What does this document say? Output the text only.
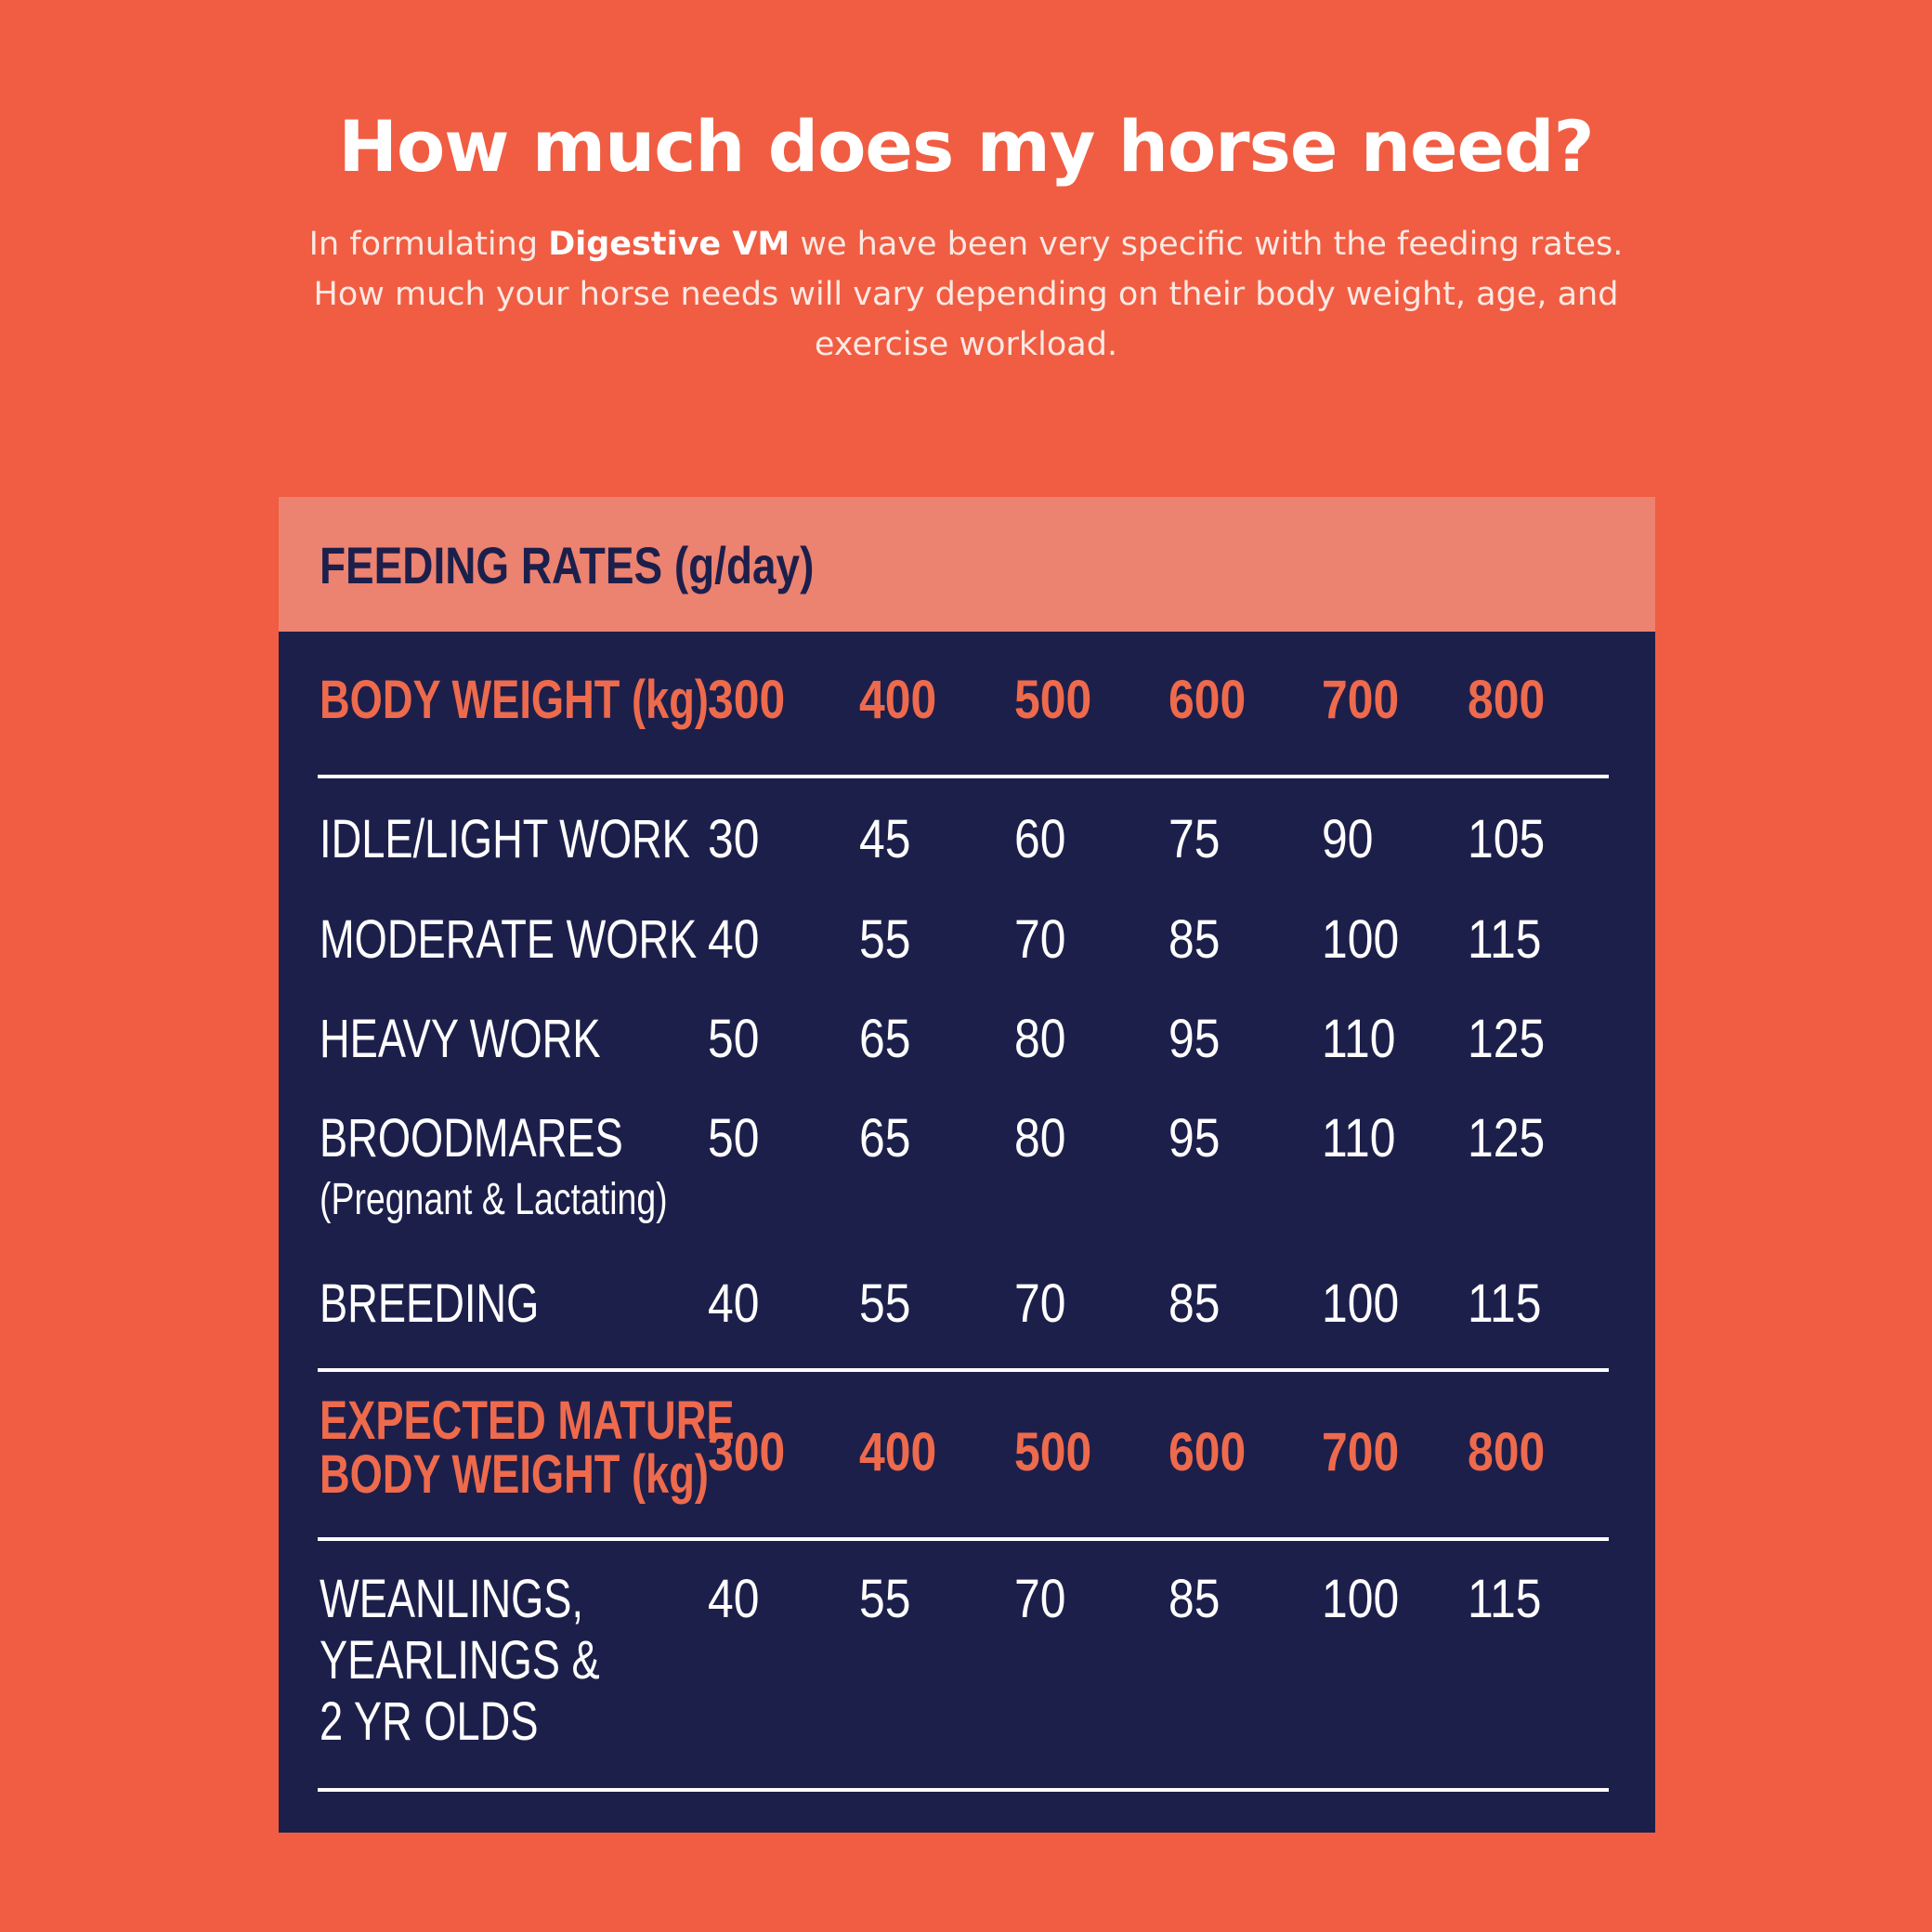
How much does my horse need?

In formulating Digestive VM we have been very specific with the feeding rates. How much your horse needs will vary depending on their body weight, age, and exercise workload.

FEEDING RATES (g/day)
BODY WEIGHT (kg) 300 400 500 600 700 800
IDLE/LIGHT WORK 30 45 60 75 90 105
MODERATE WORK 40 55 70 85 100 115
HEAVY WORK 50 65 80 95 110 125
BROODMARES
(Pregnant & Lactating)
50 65 80 95 110 125
BREEDING	40 55 70 85 100 115
EXPECTED MATURE
BODY WEIGHT (kg) 300 400 500 600 700 800
WEANLINGS,
YEARLINGS &
2 YR OLDS
40 55 70 85 100 115
